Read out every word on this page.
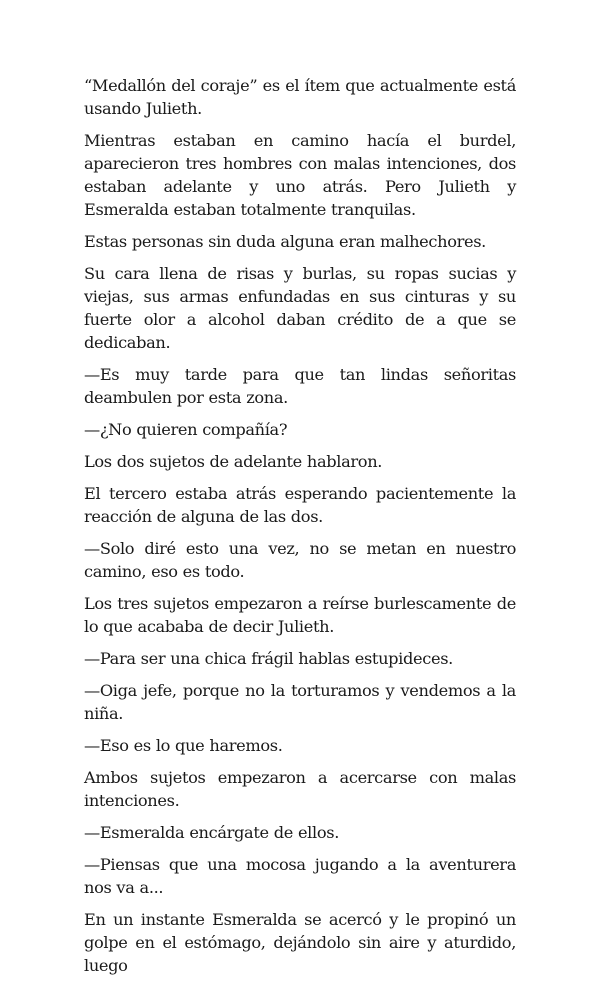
“Medallón del coraje” es el ítem que actualmente está usando Julieth.

Mientras estaban en camino hacía el burdel, aparecieron tres hombres con malas intenciones, dos estaban adelante y uno atrás. Pero Julieth y Esmeralda estaban totalmente tranquilas.

Estas personas sin duda alguna eran malhechores.

Su cara llena de risas y burlas, su ropas sucias y viejas, sus armas enfundadas en sus cinturas y su fuerte olor a alcohol daban crédito de a que se dedicaban.

—Es muy tarde para que tan lindas señoritas deambulen por esta zona.

—¿No quieren compañía?

Los dos sujetos de adelante hablaron.

El tercero estaba atrás esperando pacientemente la reacción de alguna de las dos.

—Solo diré esto una vez, no se metan en nuestro camino, eso es todo.

Los tres sujetos empezaron a reírse burlescamente de lo que acababa de decir Julieth.

—Para ser una chica frágil hablas estupideces.

—Oiga jefe, porque no la torturamos y vendemos a la niña.

—Eso es lo que haremos.

Ambos sujetos empezaron a acercarse con malas intenciones.

—Esmeralda encárgate de ellos.

—Piensas que una mocosa jugando a la aventurera nos va a...

En un instante Esmeralda se acercó y le propinó un golpe en el estómago, dejándolo sin aire y aturdido, luego
